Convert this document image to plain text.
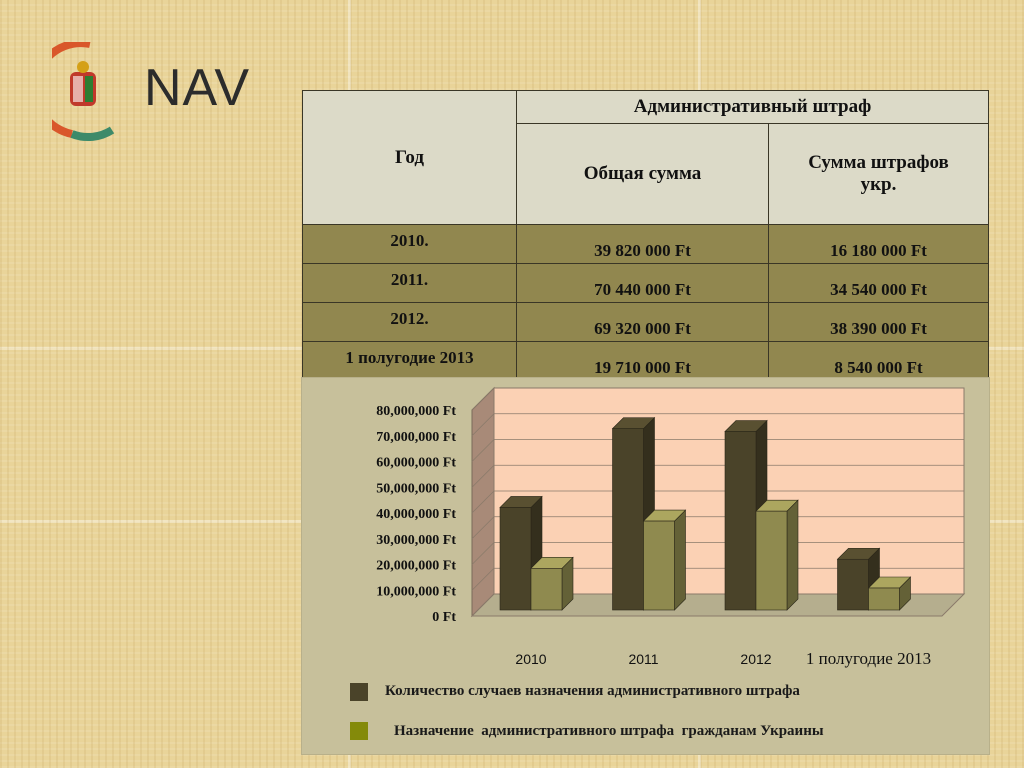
NAV
Год	Административный штраф	
	Общая сумма	Сумма штрафов укр.
2010.	39 820 000 Ft	16 180 000 Ft
2011.	70 440 000 Ft	34 540 000 Ft
2012.	69 320 000 Ft	38 390 000 Ft
1 полугодие 2013	19 710 000 Ft	8 540 000 Ft
0 Ft
10,000,000 Ft
20,000,000 Ft
30,000,000 Ft
40,000,000 Ft
50,000,000 Ft
60,000,000 Ft
70,000,000 Ft
80,000,000 Ft
2010	2011	2012 1 полугодие 2013
Количество случаев назначения административного штрафа
Назначение  административного штрафа  гражданам Украины
